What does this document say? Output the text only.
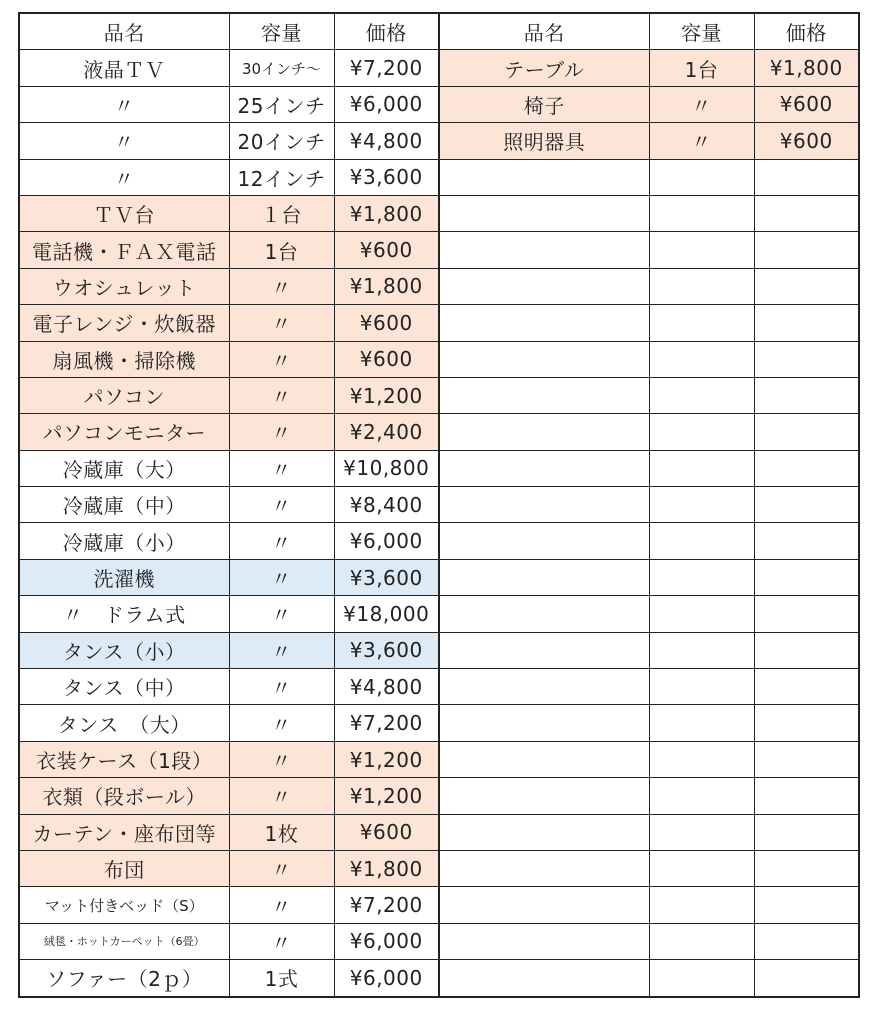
品名	容量	価格	品名	容量	価格
液晶ＴＶ	30インチ〜	¥7,200	テーブル	1台	¥1,800
〃	25インチ	¥6,000	椅子	〃	¥600
〃	20インチ	¥4,800	照明器具	〃	¥600
〃	12インチ	¥3,600			
ＴＶ台	１台	¥1,800			
電話機・ＦＡＸ電話	1台	¥600			
ウオシュレット	〃	¥1,800			
電子レンジ・炊飯器	〃	¥600			
扇風機・掃除機	〃	¥600			
パソコン	〃	¥1,200			
パソコンモニター	〃	¥2,400			
冷蔵庫（大）	〃	¥10,800			
冷蔵庫（中）	〃	¥8,400			
冷蔵庫（小）	〃	¥6,000			
洗濯機	〃	¥3,600			
〃　ドラム式	〃	¥18,000			
タンス（小）	〃	¥3,600			
タンス（中）	〃	¥4,800			
タンス　（大）	〃	¥7,200			
衣装ケース（1段）	〃	¥1,200			
衣類（段ボール）	〃	¥1,200			
カーテン・座布団等	1枚	¥600			
布団	〃	¥1,800			
マット付きベッド（S）	〃	¥7,200			
絨毯・ホットカーペット（6畳）	〃	¥6,000			
ソファー（2ｐ）	1式	¥6,000			
